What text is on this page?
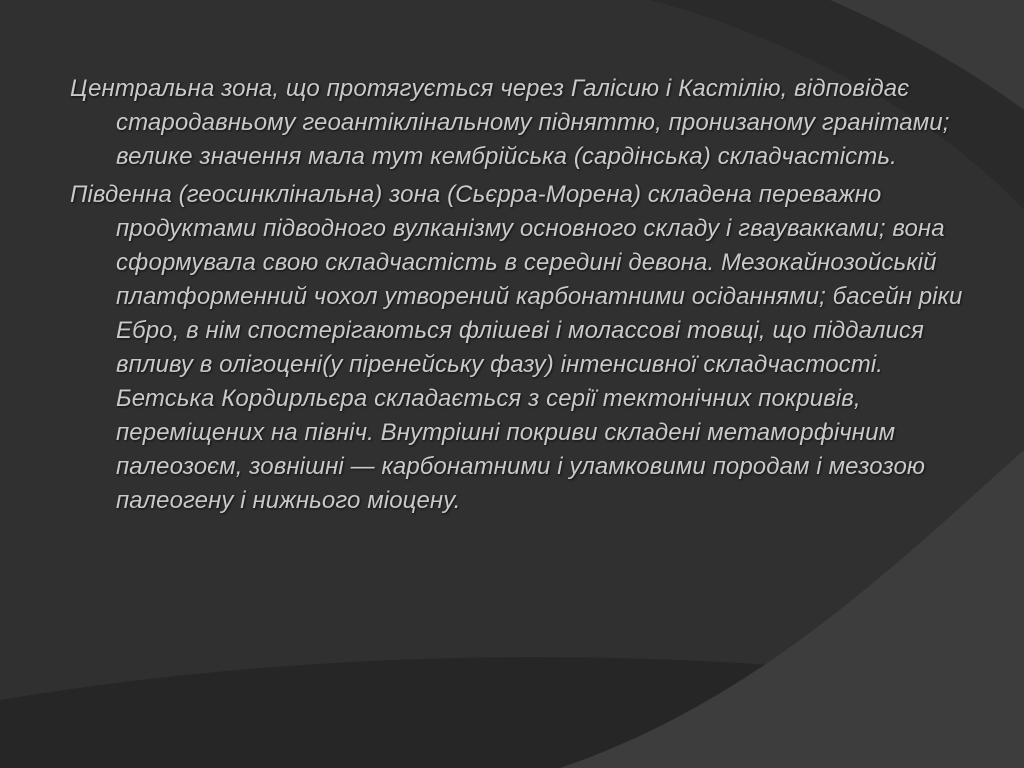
Центральна зона, що протягується через Галісию і Кастілію, відповідає стародавньому геоантіклінальному підняттю, пронизаному гранітами; велике значення мала тут кембрійська (сардінська) складчастість.

Південна (геосинклінальна) зона (Сьєрра-Морена) складена переважно продуктами підводного вулканізму основного складу і гваувакками; вона сформувала свою складчастість в середині девона. Мезокайнозойській платформенний чохол утворений карбонатними осіданнями; басейн ріки Ебро, в нім спостерігаються флішеві і молассові товщі, що піддалися впливу в олігоцені(у піренейську фазу) інтенсивної складчастості. Бетська Кордирльєра складається з серії тектонічних покривів, переміщених на північ. Внутрішні покриви складені метаморфічним палеозоєм, зовнішні — карбонатними і уламковими породам і мезозою палеогену і нижнього міоцену.
